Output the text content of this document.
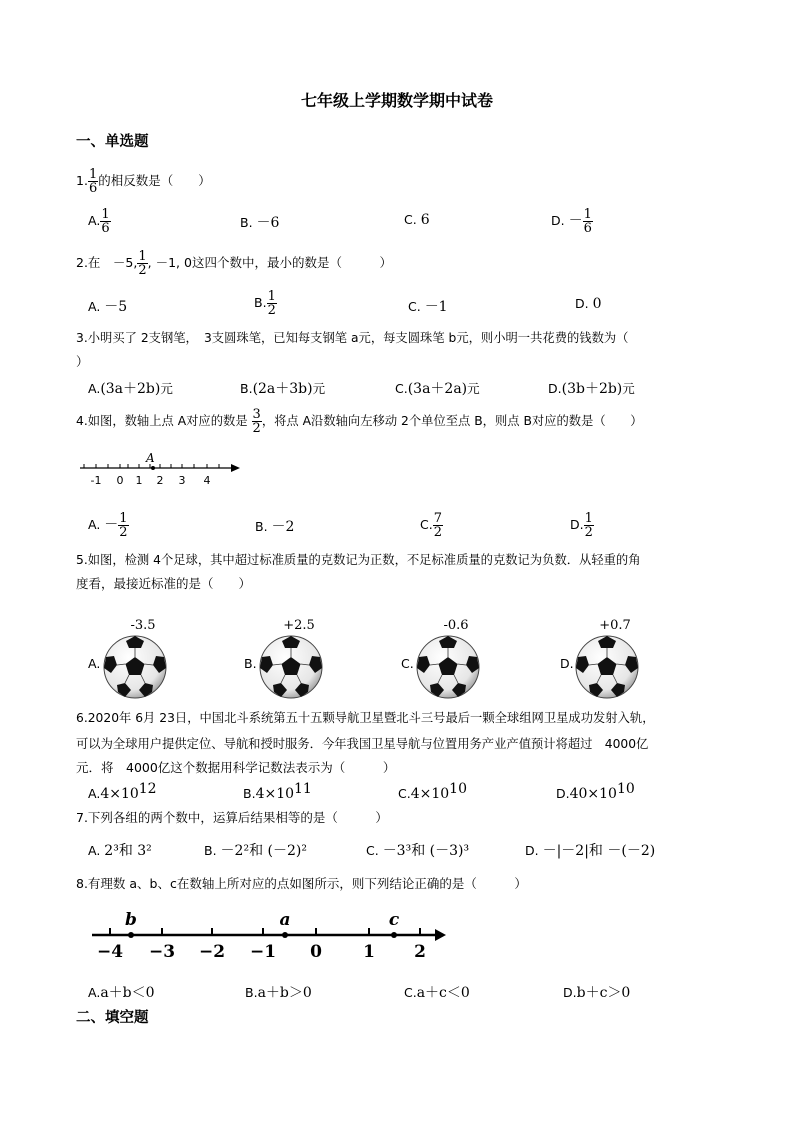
七年级上学期数学期中试卷
一、单选题
1. $\frac{1}{6}$ 的相反数是（　　）
A. $\frac{1}{6}$	B. －6	C. 6	D. － $\frac{1}{6}$
2.在　－5, $\frac{1}{2}$ , －1, 0这四个数中，最小的数是（　　　）
A. －5	B. $\frac{1}{2}$	C. －1	D. 0
3.小明买了 2支钢笔，　3支圆珠笔，已知每支钢笔 a元，每支圆珠笔 b元，则小明一共花费的钱数为（
）
A.(3a＋2b)元	B.(2a＋3b)元	C.(3a＋2a)元	D.(3b＋2b)元
4.如图，数轴上点 A对应的数是 $\frac{3}{2}$ ，将点 A沿数轴向左移动 2个单位至点 B，则点 B对应的数是（　　）
-1 0 1 2 3 4
A
A. － $\frac{1}{2}$	B. －2	C. $\frac{7}{2}$	D. $\frac{1}{2}$
5.如图，检测 4个足球，其中超过标准质量的克数记为正数，不足标准质量的克数记为负数．从轻重的角
度看，最接近标准的是（　　）
-3.5
A.
+2.5
B.
-0.6
C.
+0.7
D.
6.2020年 6月 23日，中国北斗系统第五十五颗导航卫星暨北斗三号最后一颗全球组网卫星成功发射入轨，
可以为全球用户提供定位、导航和授时服务．今年我国卫星导航与位置用务产业产值预计将超过　4000亿
元．将　4000亿这个数据用科学记数法表示为（　　　）
$A.4\times 10^{12}$	$B.4\times 10^{11}$	$C.4\times 10^{10}$	$D.40\times 10^{10}$
7.下列各组的两个数中，运算后结果相等的是（　　　）
A. 2³和 3²	B. －2²和 (－2)²	C. －3³和 (－3)³	D. －|－2|和 －(－2)
8.有理数 a、b、c在数轴上所对应的点如图所示，则下列结论正确的是（　　　）
−4 −3 −2 −1 0 1 2
b	a	c
A.a＋b＜0	B.a＋b＞0	C.a＋c＜0	D.b＋c＞0
二、填空题
